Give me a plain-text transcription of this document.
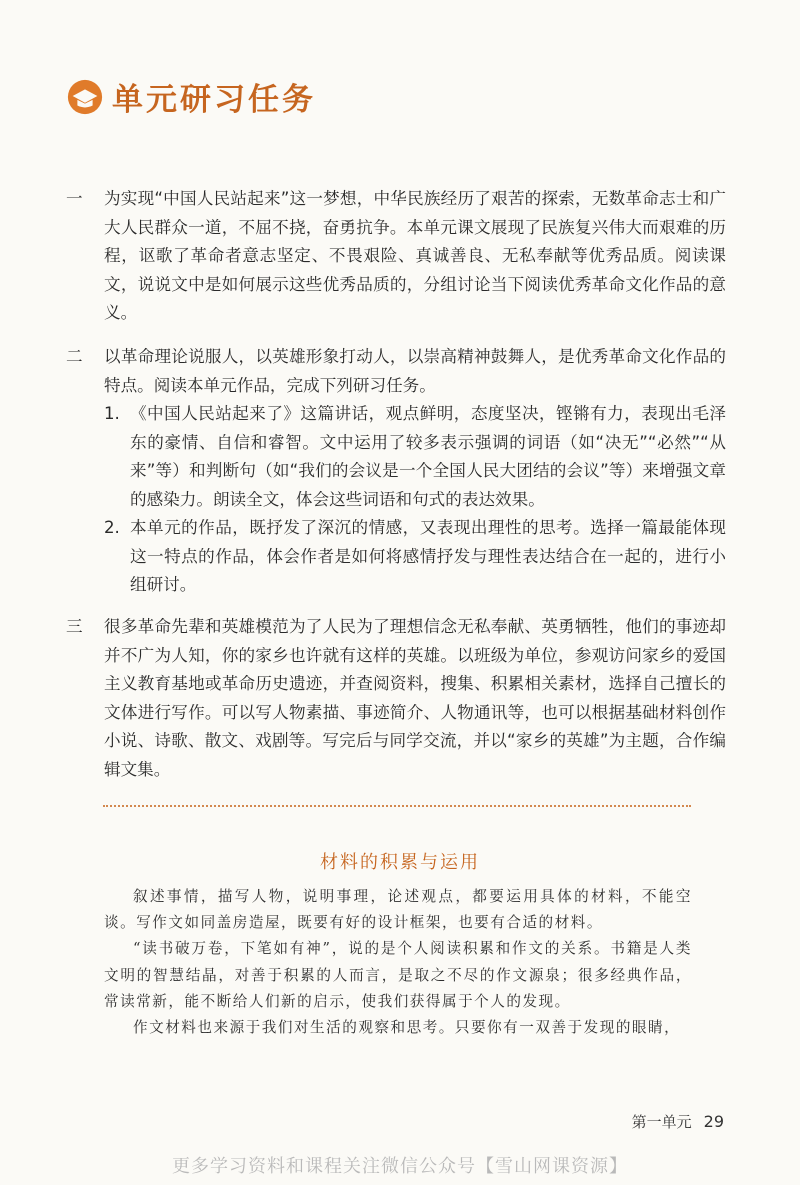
单元研习任务
一 为实现“中国人民站起来”这一梦想，中华民族经历了艰苦的探索，无数革命志士和广大人民群众一道，不屈不挠，奋勇抗争。本单元课文展现了民族复兴伟大而艰难的历程，讴歌了革命者意志坚定、不畏艰险、真诚善良、无私奉献等优秀品质。阅读课文，说说文中是如何展示这些优秀品质的，分组讨论当下阅读优秀革命文化作品的意义。
二 以革命理论说服人，以英雄形象打动人，以崇高精神鼓舞人，是优秀革命文化作品的特点。阅读本单元作品，完成下列研习任务。
1. 《中国人民站起来了》这篇讲话，观点鲜明，态度坚决，铿锵有力，表现出毛泽东的豪情、自信和睿智。文中运用了较多表示强调的词语（如“决无”“必然”“从来”等）和判断句（如“我们的会议是一个全国人民大团结的会议”等）来增强文章的感染力。朗读全文，体会这些词语和句式的表达效果。
2. 本单元的作品，既抒发了深沉的情感，又表现出理性的思考。选择一篇最能体现这一特点的作品，体会作者是如何将感情抒发与理性表达结合在一起的，进行小组研讨。
三 很多革命先辈和英雄模范为了人民为了理想信念无私奉献、英勇牺牲，他们的事迹却并不广为人知，你的家乡也许就有这样的英雄。以班级为单位，参观访问家乡的爱国主义教育基地或革命历史遗迹，并查阅资料，搜集、积累相关素材，选择自己擅长的文体进行写作。可以写人物素描、事迹简介、人物通讯等，也可以根据基础材料创作小说、诗歌、散文、戏剧等。写完后与同学交流，并以“家乡的英雄”为主题，合作编辑文集。
材料的积累与运用

叙述事情，描写人物，说明事理，论述观点，都要运用具体的材料，不能空谈。写作文如同盖房造屋，既要有好的设计框架，也要有合适的材料。

“读书破万卷，下笔如有神”，说的是个人阅读积累和作文的关系。书籍是人类文明的智慧结晶，对善于积累的人而言，是取之不尽的作文源泉；很多经典作品，常读常新，能不断给人们新的启示，使我们获得属于个人的发现。

作文材料也来源于我们对生活的观察和思考。只要你有一双善于发现的眼睛，

第一单元 29
更多学习资料和课程关注微信公众号【雪山网课资源】
